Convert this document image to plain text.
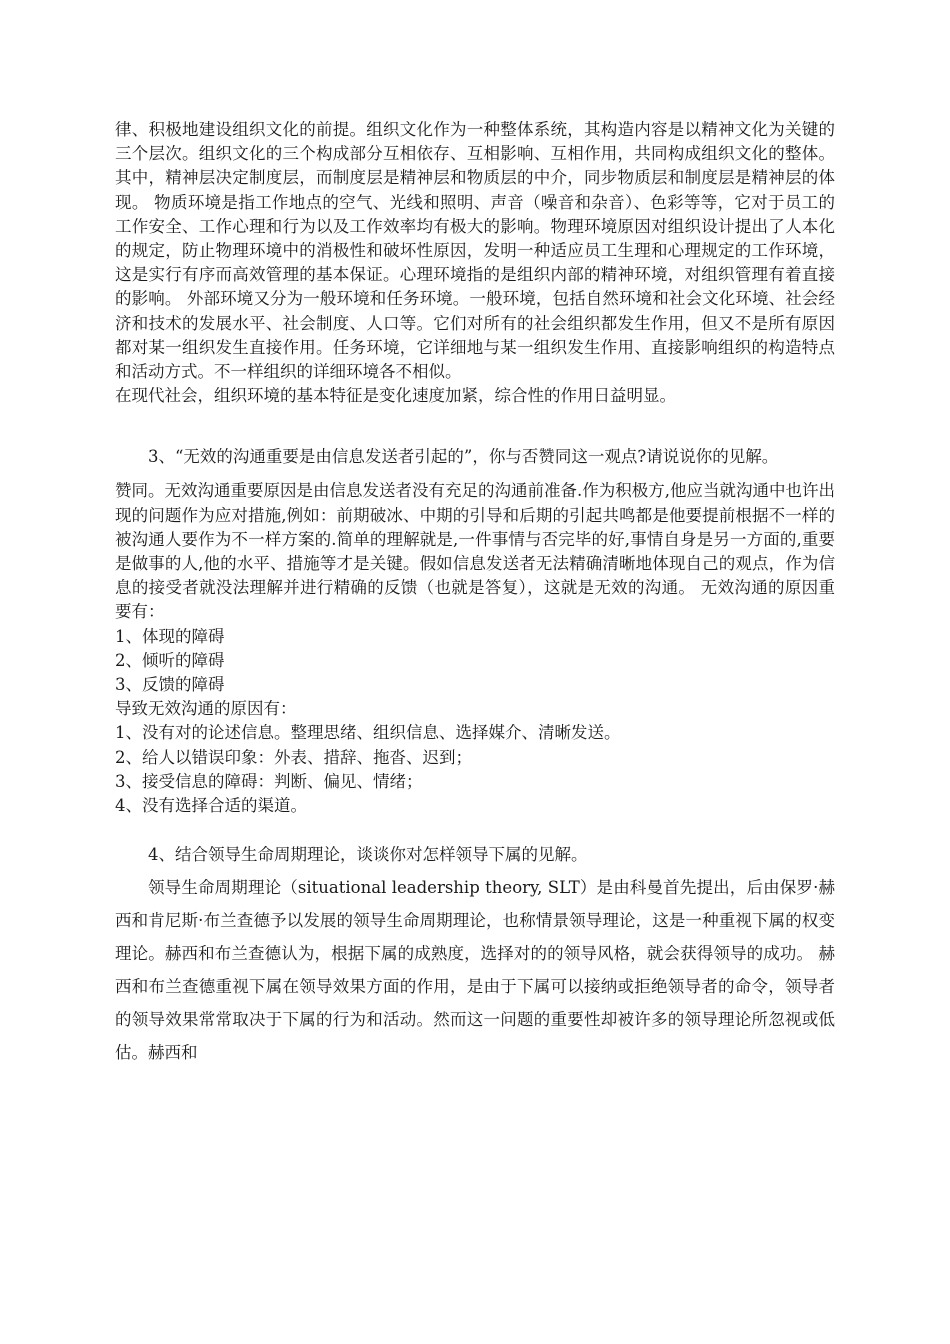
律、积极地建设组织文化的前提。组织文化作为一种整体系统，其构造内容是以精神文化为关键的三个层次。组织文化的三个构成部分互相依存、互相影响、互相作用，共同构成组织文化的整体。其中，精神层决定制度层，而制度层是精神层和物质层的中介，同步物质层和制度层是精神层的体现。 物质环境是指工作地点的空气、光线和照明、声音（噪音和杂音）、色彩等等，它对于员工的工作安全、工作心理和行为以及工作效率均有极大的影响。物理环境原因对组织设计提出了人本化的规定，防止物理环境中的消极性和破坏性原因，发明一种适应员工生理和心理规定的工作环境，这是实行有序而高效管理的基本保证。心理环境指的是组织内部的精神环境，对组织管理有着直接的影响。 外部环境又分为一般环境和任务环境。一般环境，包括自然环境和社会文化环境、社会经济和技术的发展水平、社会制度、人口等。它们对所有的社会组织都发生作用，但又不是所有原因都对某一组织发生直接作用。任务环境，它详细地与某一组织发生作用、直接影响组织的构造特点和活动方式。不一样组织的详细环境各不相似。

在现代社会，组织环境的基本特征是变化速度加紧，综合性的作用日益明显。

3、“无效的沟通重要是由信息发送者引起的”，你与否赞同这一观点?请说说你的见解。

赞同。无效沟通重要原因是由信息发送者没有充足的沟通前准备.作为积极方,他应当就沟通中也许出现的问题作为应对措施,例如：前期破冰、中期的引导和后期的引起共鸣都是他要提前根据不一样的被沟通人要作为不一样方案的.简单的理解就是,一件事情与否完毕的好,事情自身是另一方面的,重要是做事的人,他的水平、措施等才是关键。假如信息发送者无法精确清晰地体现自己的观点，作为信息的接受者就没法理解并进行精确的反馈（也就是答复），这就是无效的沟通。 无效沟通的原因重要有：

1、体现的障碍

2、倾听的障碍

3、反馈的障碍

导致无效沟通的原因有：

1、没有对的论述信息。整理思绪、组织信息、选择媒介、清晰发送。

2、给人以错误印象：外表、措辞、拖沓、迟到；

3、接受信息的障碍：判断、偏见、情绪；

4、没有选择合适的渠道。

4、结合领导生命周期理论，谈谈你对怎样领导下属的见解。

领导生命周期理论（situational leadership theory, SLT）是由科曼首先提出，后由保罗·赫西和肯尼斯·布兰查德予以发展的领导生命周期理论，也称情景领导理论，这是一种重视下属的权变理论。赫西和布兰查德认为，根据下属的成熟度，选择对的的领导风格，就会获得领导的成功。 赫西和布兰查德重视下属在领导效果方面的作用，是由于下属可以接纳或拒绝领导者的命令，领导者的领导效果常常取决于下属的行为和活动。然而这一问题的重要性却被许多的领导理论所忽视或低估。赫西和
